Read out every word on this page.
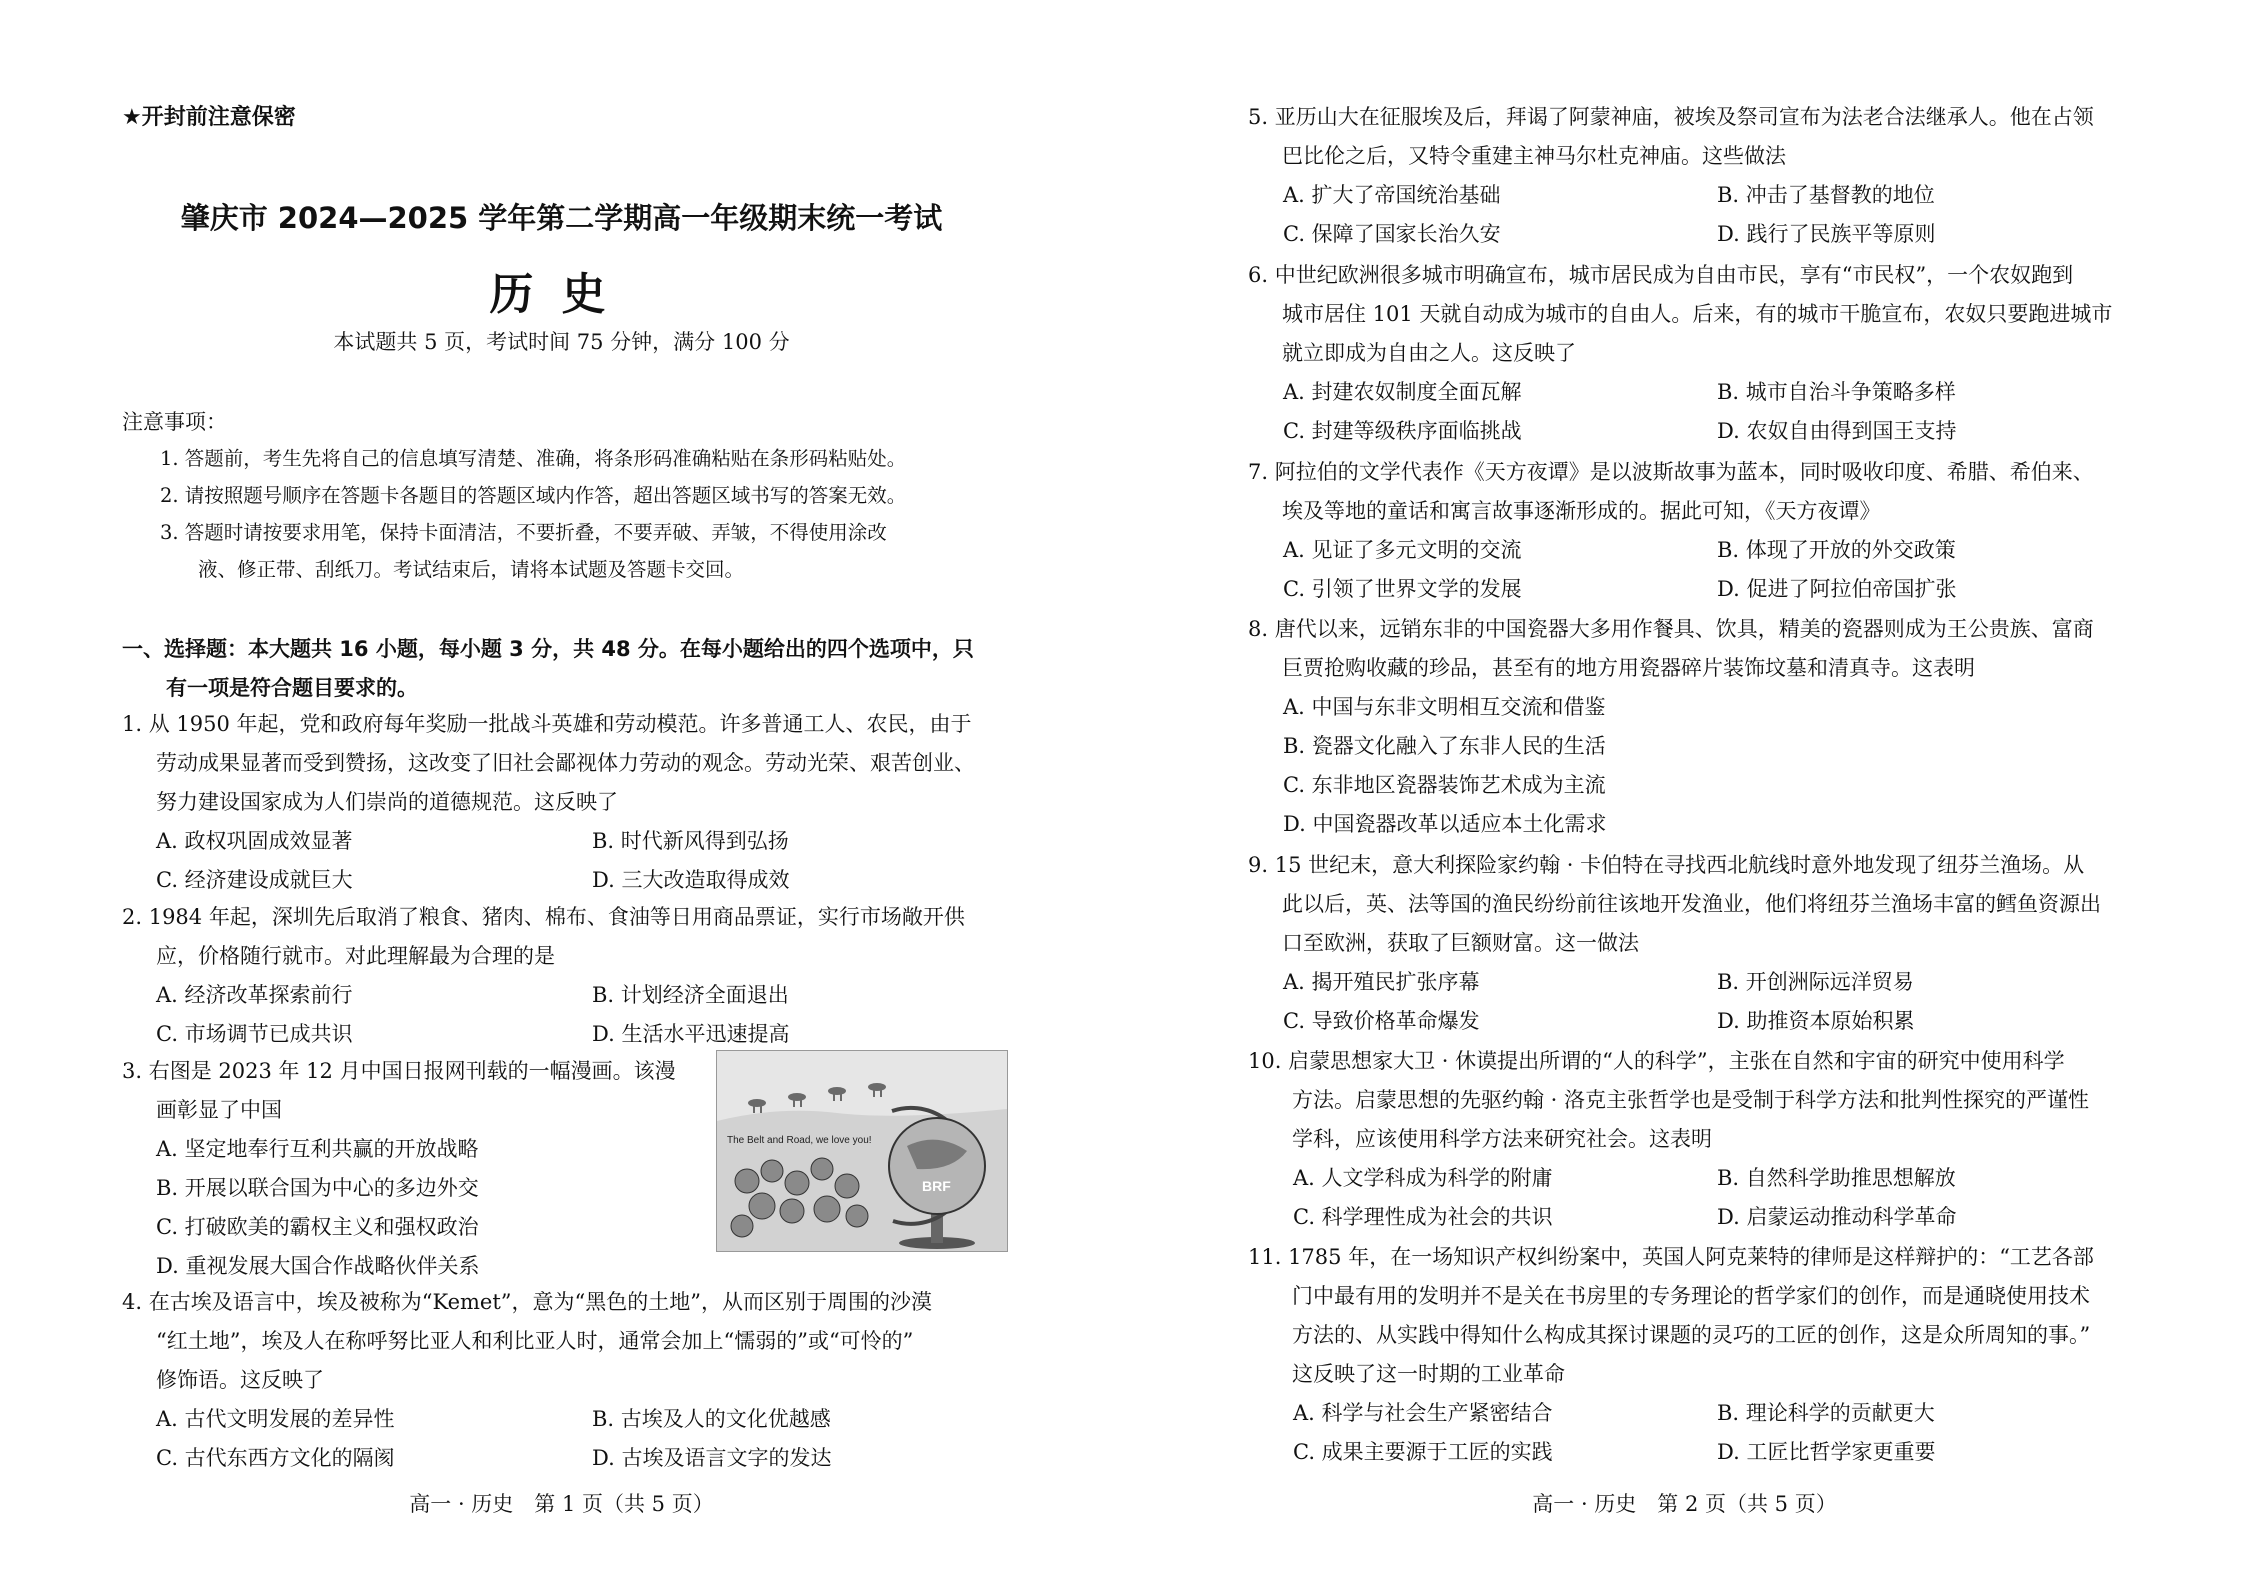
★开封前注意保密
肇庆市 2024—2025 学年第二学期高一年级期末统一考试
历史
本试题共 5 页，考试时间 75 分钟，满分 100 分
注意事项：
1. 答题前，考生先将自己的信息填写清楚、准确，将条形码准确粘贴在条形码粘贴处。
2. 请按照题号顺序在答题卡各题目的答题区域内作答，超出答题区域书写的答案无效。
3. 答题时请按要求用笔，保持卡面清洁，不要折叠，不要弄破、弄皱，不得使用涂改
液、修正带、刮纸刀。考试结束后，请将本试题及答题卡交回。
一、选择题：本大题共 16 小题，每小题 3 分，共 48 分。在每小题给出的四个选项中，只
有一项是符合题目要求的。
1. 从 1950 年起，党和政府每年奖励一批战斗英雄和劳动模范。许多普通工人、农民，由于
劳动成果显著而受到赞扬，这改变了旧社会鄙视体力劳动的观念。劳动光荣、艰苦创业、
努力建设国家成为人们崇尚的道德规范。这反映了
A. 政权巩固成效显著	B. 时代新风得到弘扬
C. 经济建设成就巨大	D. 三大改造取得成效
2. 1984 年起，深圳先后取消了粮食、猪肉、棉布、食油等日用商品票证，实行市场敞开供
应，价格随行就市。对此理解最为合理的是
A. 经济改革探索前行	B. 计划经济全面退出
C. 市场调节已成共识	D. 生活水平迅速提高
3. 右图是 2023 年 12 月中国日报网刊载的一幅漫画。该漫
画彰显了中国
A. 坚定地奉行互利共赢的开放战略
B. 开展以联合国为中心的多边外交
C. 打破欧美的霸权主义和强权政治
D. 重视发展大国合作战略伙伴关系
The Belt and Road, we love you!
BRF
4. 在古埃及语言中，埃及被称为“Kemet”，意为“黑色的土地”，从而区别于周围的沙漠
“红土地”，埃及人在称呼努比亚人和利比亚人时，通常会加上“懦弱的”或“可怜的”
修饰语。这反映了
A. 古代文明发展的差异性	B. 古埃及人的文化优越感
C. 古代东西方文化的隔阂	D. 古埃及语言文字的发达
高一 · 历史　第 1 页（共 5 页）
5. 亚历山大在征服埃及后，拜谒了阿蒙神庙，被埃及祭司宣布为法老合法继承人。他在占领
巴比伦之后，又特令重建主神马尔杜克神庙。这些做法
A. 扩大了帝国统治基础	B. 冲击了基督教的地位
C. 保障了国家长治久安	D. 践行了民族平等原则
6. 中世纪欧洲很多城市明确宣布，城市居民成为自由市民，享有“市民权”，一个农奴跑到
城市居住 101 天就自动成为城市的自由人。后来，有的城市干脆宣布，农奴只要跑进城市
就立即成为自由之人。这反映了
A. 封建农奴制度全面瓦解	B. 城市自治斗争策略多样
C. 封建等级秩序面临挑战	D. 农奴自由得到国王支持
7. 阿拉伯的文学代表作《天方夜谭》是以波斯故事为蓝本，同时吸收印度、希腊、希伯来、
埃及等地的童话和寓言故事逐渐形成的。据此可知，《天方夜谭》
A. 见证了多元文明的交流	B. 体现了开放的外交政策
C. 引领了世界文学的发展	D. 促进了阿拉伯帝国扩张
8. 唐代以来，远销东非的中国瓷器大多用作餐具、饮具，精美的瓷器则成为王公贵族、富商
巨贾抢购收藏的珍品，甚至有的地方用瓷器碎片装饰坟墓和清真寺。这表明
A. 中国与东非文明相互交流和借鉴
B. 瓷器文化融入了东非人民的生活
C. 东非地区瓷器装饰艺术成为主流
D. 中国瓷器改革以适应本土化需求
9. 15 世纪末，意大利探险家约翰 · 卡伯特在寻找西北航线时意外地发现了纽芬兰渔场。从
此以后，英、法等国的渔民纷纷前往该地开发渔业，他们将纽芬兰渔场丰富的鳕鱼资源出
口至欧洲，获取了巨额财富。这一做法
A. 揭开殖民扩张序幕	B. 开创洲际远洋贸易
C. 导致价格革命爆发	D. 助推资本原始积累
10. 启蒙思想家大卫 · 休谟提出所谓的“人的科学”，主张在自然和宇宙的研究中使用科学
方法。启蒙思想的先驱约翰 · 洛克主张哲学也是受制于科学方法和批判性探究的严谨性
学科，应该使用科学方法来研究社会。这表明
A. 人文学科成为科学的附庸	B. 自然科学助推思想解放
C. 科学理性成为社会的共识	D. 启蒙运动推动科学革命
11. 1785 年，在一场知识产权纠纷案中，英国人阿克莱特的律师是这样辩护的：“工艺各部
门中最有用的发明并不是关在书房里的专务理论的哲学家们的创作，而是通晓使用技术
方法的、从实践中得知什么构成其探讨课题的灵巧的工匠的创作，这是众所周知的事。”
这反映了这一时期的工业革命
A. 科学与社会生产紧密结合	B. 理论科学的贡献更大
C. 成果主要源于工匠的实践	D. 工匠比哲学家更重要
高一 · 历史　第 2 页（共 5 页）
